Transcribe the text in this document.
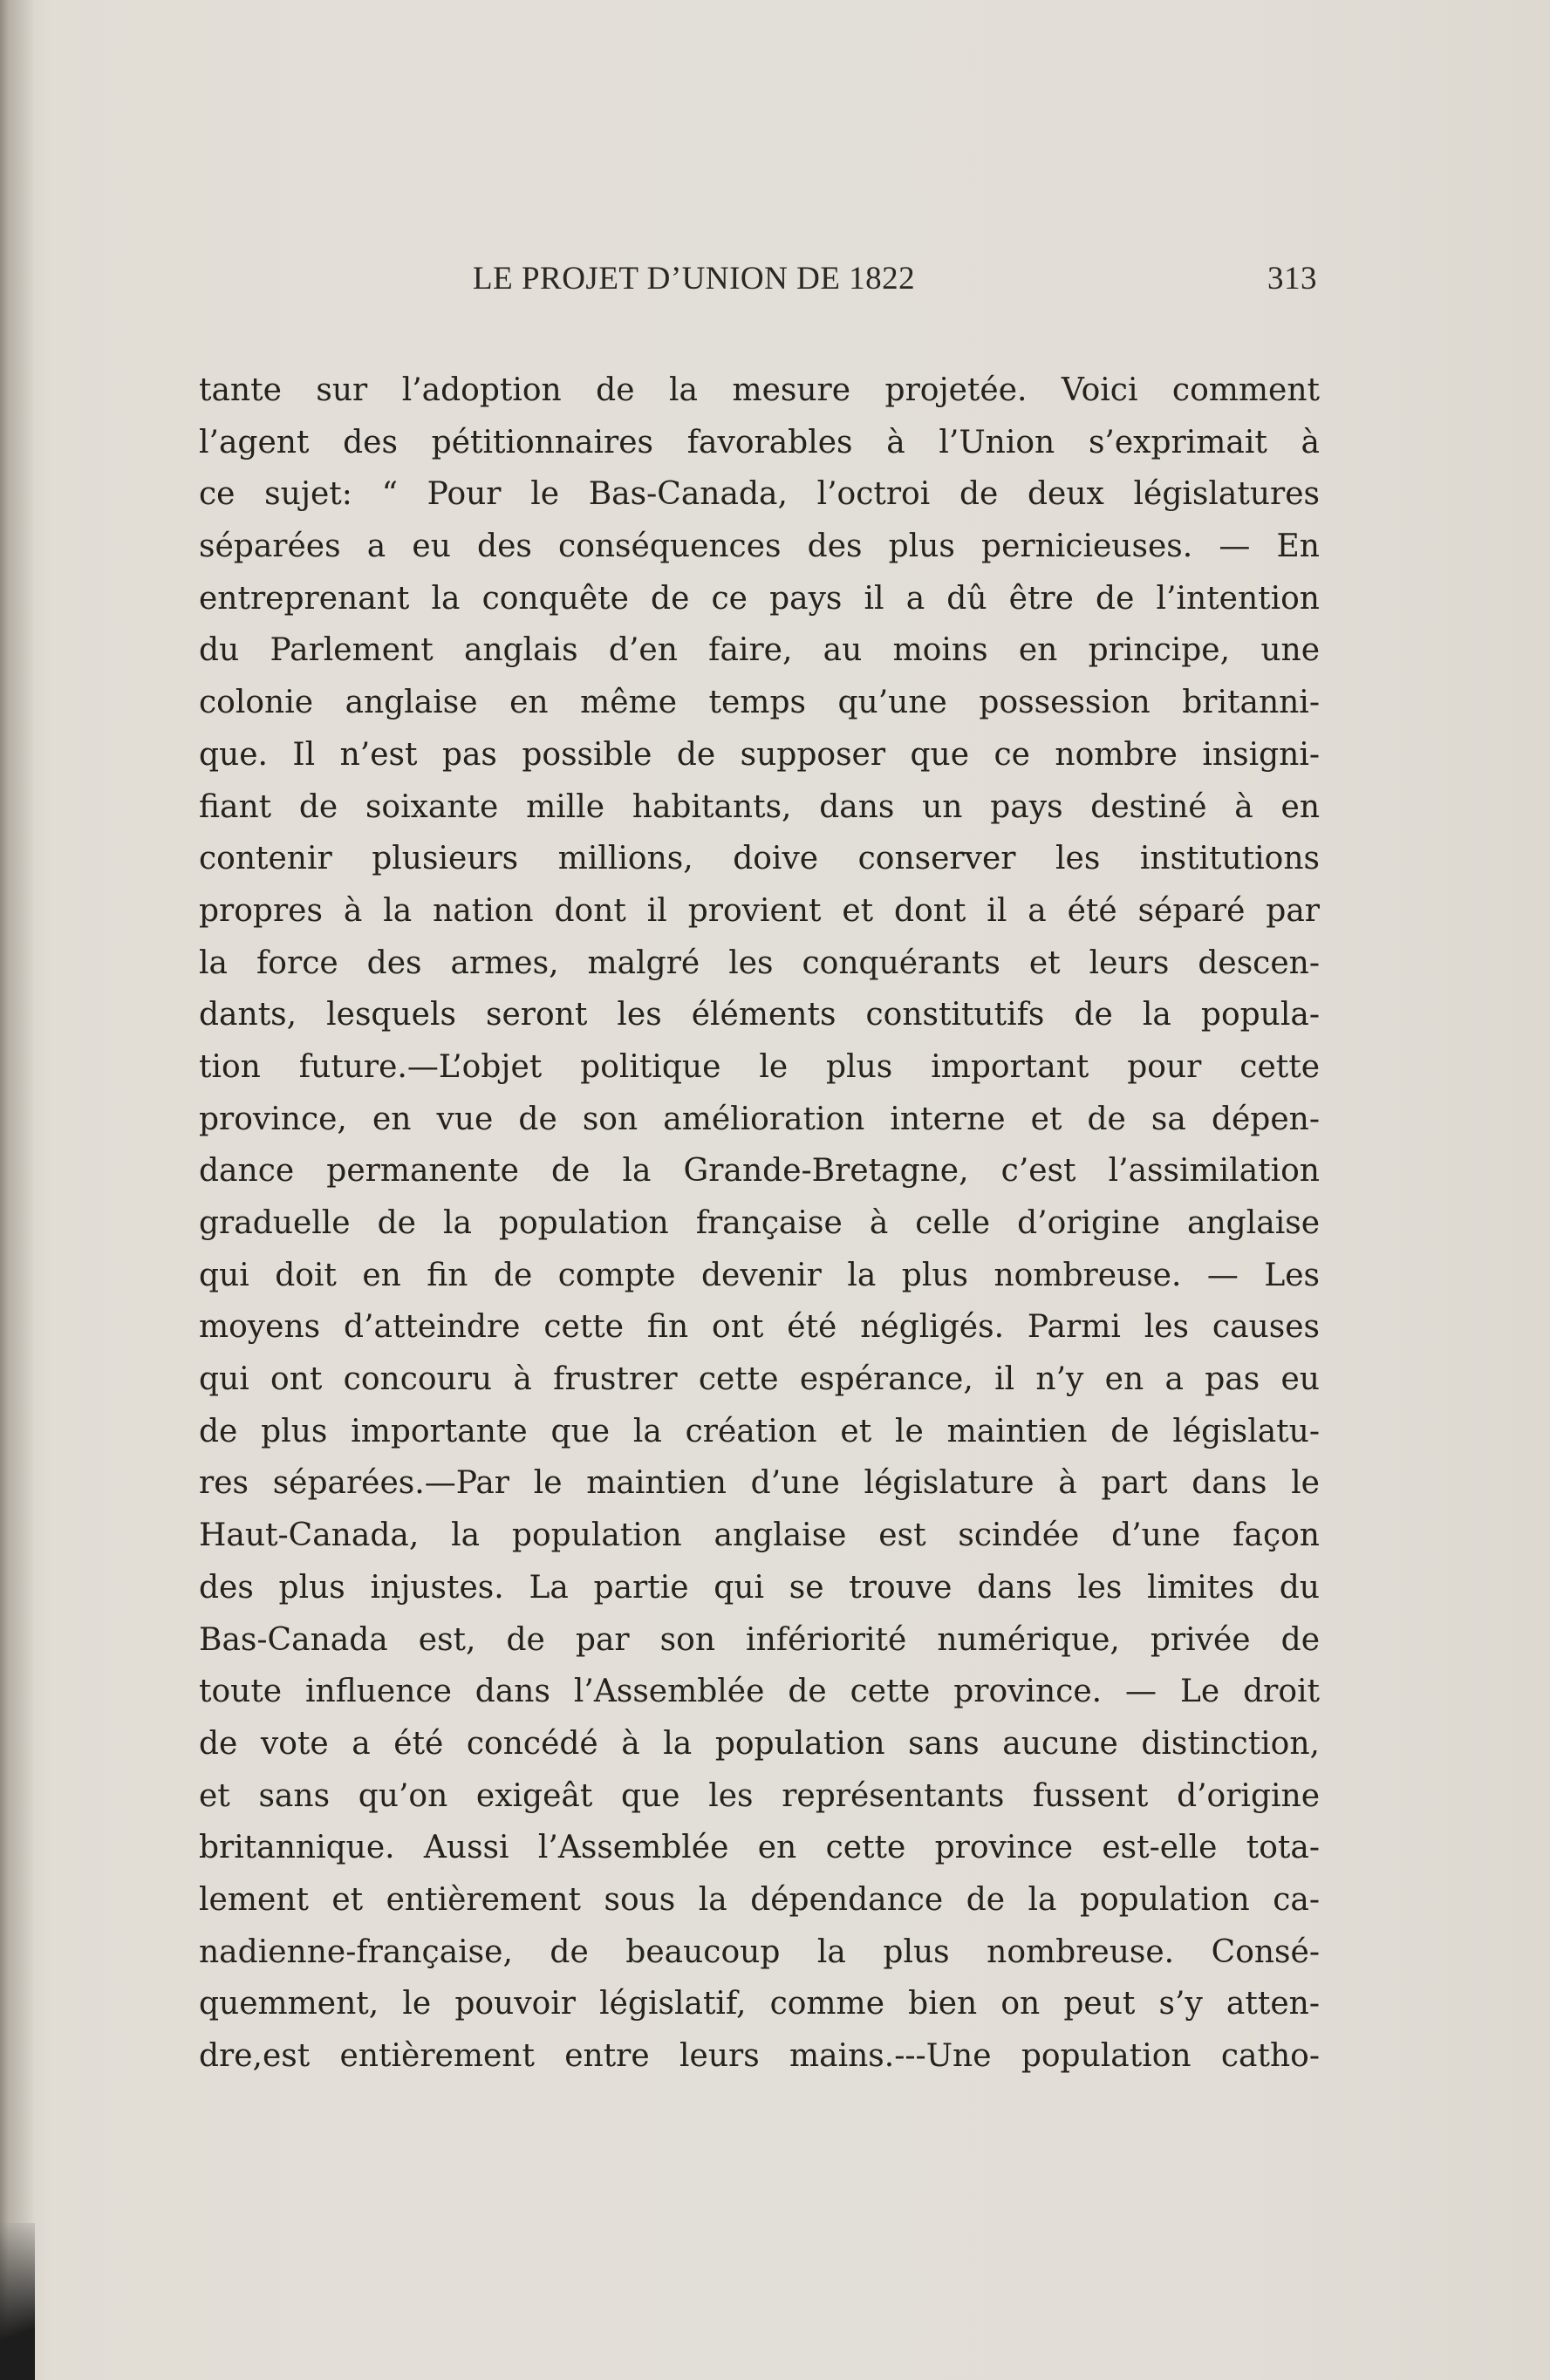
LE PROJET D’UNION DE 1822	313
tante sur l’adoption de la mesure projetée. Voici comment
l’agent des pétitionnaires favorables à l’Union s’exprimait à
ce sujet: “ Pour le Bas-Canada, l’octroi de deux législatures
séparées a eu des conséquences des plus pernicieuses. — En
entreprenant la conquête de ce pays il a dû être de l’intention
du Parlement anglais d’en faire, au moins en principe, une
colonie anglaise en même temps qu’une possession britanni-
que. Il n’est pas possible de supposer que ce nombre insigni-
fiant de soixante mille habitants, dans un pays destiné à en
contenir plusieurs millions, doive conserver les institutions
propres à la nation dont il provient et dont il a été séparé par
la force des armes, malgré les conquérants et leurs descen-
dants, lesquels seront les éléments constitutifs de la popula-
tion future.—L’objet politique le plus important pour cette
province, en vue de son amélioration interne et de sa dépen-
dance permanente de la Grande-Bretagne, c’est l’assimilation
graduelle de la population française à celle d’origine anglaise
qui doit en fin de compte devenir la plus nombreuse. — Les
moyens d’atteindre cette fin ont été négligés. Parmi les causes
qui ont concouru à frustrer cette espérance, il n’y en a pas eu
de plus importante que la création et le maintien de législatu-
res séparées.—Par le maintien d’une législature à part dans le
Haut-Canada, la population anglaise est scindée d’une façon
des plus injustes. La partie qui se trouve dans les limites du
Bas-Canada est, de par son infériorité numérique, privée de
toute influence dans l’Assemblée de cette province. — Le droit
de vote a été concédé à la population sans aucune distinction,
et sans qu’on exigeât que les représentants fussent d’origine
britannique. Aussi l’Assemblée en cette province est-elle tota-
lement et entièrement sous la dépendance de la population ca-
nadienne-française, de beaucoup la plus nombreuse. Consé-
quemment, le pouvoir législatif, comme bien on peut s’y atten-
dre,est entièrement entre leurs mains.---Une population catho-
